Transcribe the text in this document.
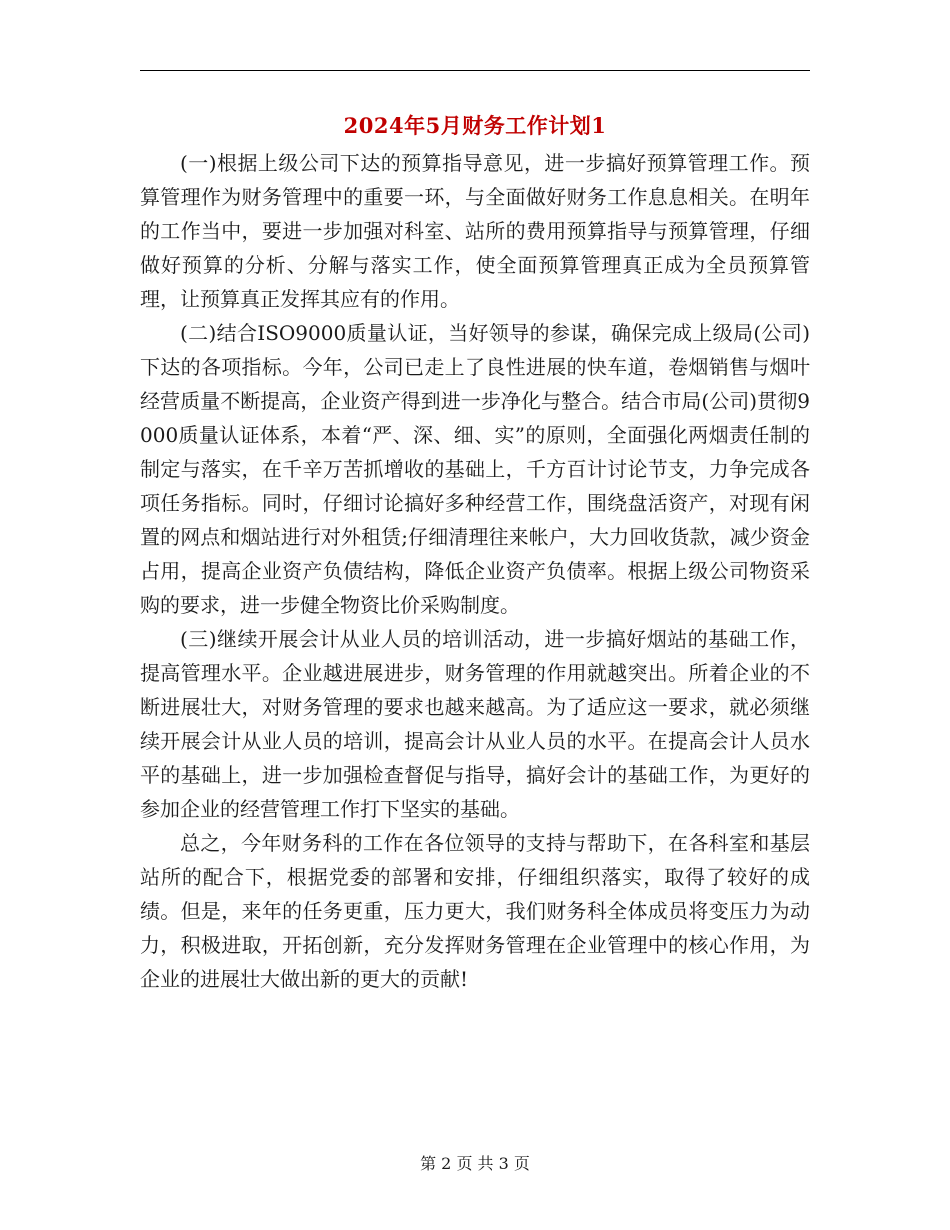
2024年5月财务工作计划1

(一)根据上级公司下达的预算指导意见，进一步搞好预算管理工作。预算管理作为财务管理中的重要一环，与全面做好财务工作息息相关。在明年的工作当中，要进一步加强对科室、站所的费用预算指导与预算管理，仔细做好预算的分析、分解与落实工作，使全面预算管理真正成为全员预算管理，让预算真正发挥其应有的作用。

(二)结合ISO9000质量认证，当好领导的参谋，确保完成上级局(公司)下达的各项指标。今年，公司已走上了良性进展的快车道，卷烟销售与烟叶经营质量不断提高，企业资产得到进一步净化与整合。结合市局(公司)贯彻9000质量认证体系，本着“严、深、细、实”的原则，全面强化两烟责任制的制定与落实，在千辛万苦抓增收的基础上，千方百计讨论节支，力争完成各项任务指标。同时，仔细讨论搞好多种经营工作，围绕盘活资产，对现有闲置的网点和烟站进行对外租赁;仔细清理往来帐户，大力回收货款，减少资金占用，提高企业资产负债结构，降低企业资产负债率。根据上级公司物资采购的要求，进一步健全物资比价采购制度。

(三)继续开展会计从业人员的培训活动，进一步搞好烟站的基础工作，提高管理水平。企业越进展进步，财务管理的作用就越突出。所着企业的不断进展壮大，对财务管理的要求也越来越高。为了适应这一要求，就必须继续开展会计从业人员的培训，提高会计从业人员的水平。在提高会计人员水平的基础上，进一步加强检查督促与指导，搞好会计的基础工作，为更好的参加企业的经营管理工作打下坚实的基础。

总之，今年财务科的工作在各位领导的支持与帮助下，在各科室和基层站所的配合下，根据党委的部署和安排，仔细组织落实，取得了较好的成绩。但是，来年的任务更重，压力更大，我们财务科全体成员将变压力为动力，积极进取，开拓创新，充分发挥财务管理在企业管理中的核心作用，为企业的进展壮大做出新的更大的贡献!

第 2 页 共 3 页
